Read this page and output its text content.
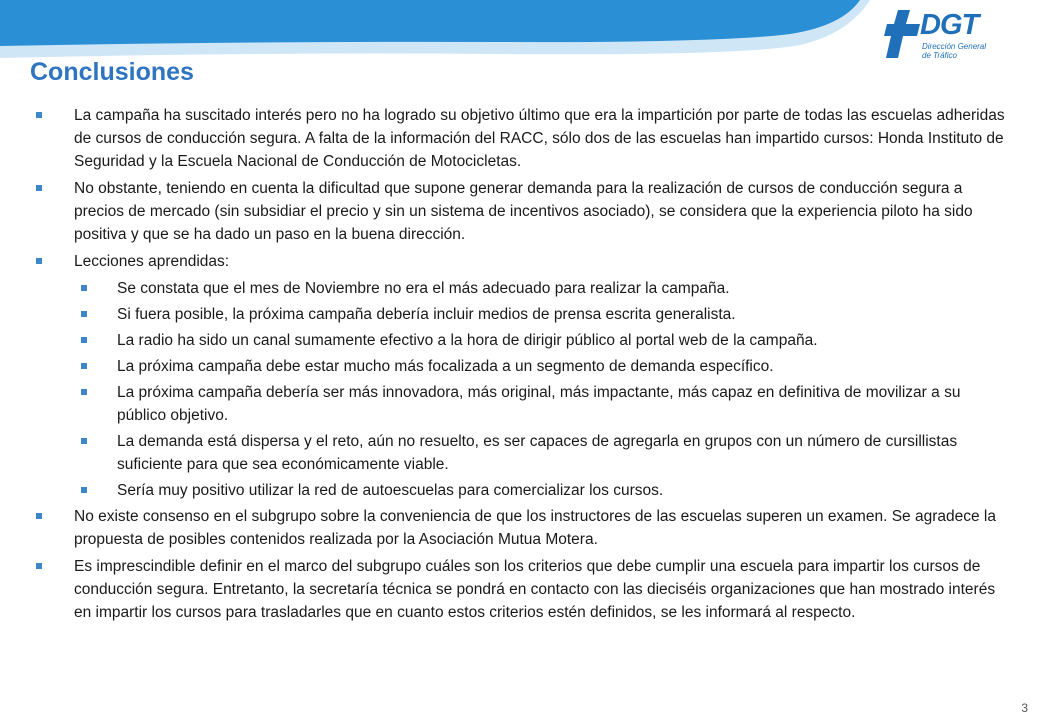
DGT
Dirección General
de Tráfico
Conclusiones
La campaña ha suscitado interés pero no ha logrado su objetivo último que era la impartición por parte de todas las escuelas adheridas de cursos de conducción segura. A falta de la información del RACC, sólo dos de las escuelas han impartido cursos: Honda Instituto de Seguridad y la Escuela Nacional de Conducción de Motocicletas.
No obstante, teniendo en cuenta la dificultad que supone generar demanda para la realización de cursos de conducción segura a precios de mercado (sin subsidiar el precio y sin un sistema de incentivos asociado), se considera que la experiencia piloto ha sido positiva y que se ha dado un paso en la buena dirección.
Lecciones aprendidas:
Se constata que el mes de Noviembre no era el más adecuado para realizar la campaña.
Si fuera posible, la próxima campaña debería incluir medios de prensa escrita generalista.
La radio ha sido un canal sumamente efectivo a la hora de dirigir público al portal web de la campaña.
La próxima campaña debe estar mucho más focalizada a un segmento de demanda específico.
La próxima campaña debería ser más innovadora, más original, más impactante, más capaz en definitiva de movilizar a su público objetivo.
La demanda está dispersa y el reto, aún no resuelto, es ser capaces de agregarla en grupos con un número de cursillistas suficiente para que sea económicamente viable.
Sería muy positivo utilizar la red de autoescuelas para comercializar los cursos.
No existe consenso en el subgrupo sobre la conveniencia de que los instructores de las escuelas superen un examen. Se agradece la propuesta de posibles contenidos realizada por la Asociación Mutua Motera.
Es imprescindible definir en el marco del subgrupo cuáles son los criterios que debe cumplir una escuela para impartir los cursos de conducción segura. Entretanto, la secretaría técnica se pondrá en contacto con las dieciséis organizaciones que han mostrado interés en impartir los cursos para trasladarles que en cuanto estos criterios estén definidos, se les informará al respecto.
3
